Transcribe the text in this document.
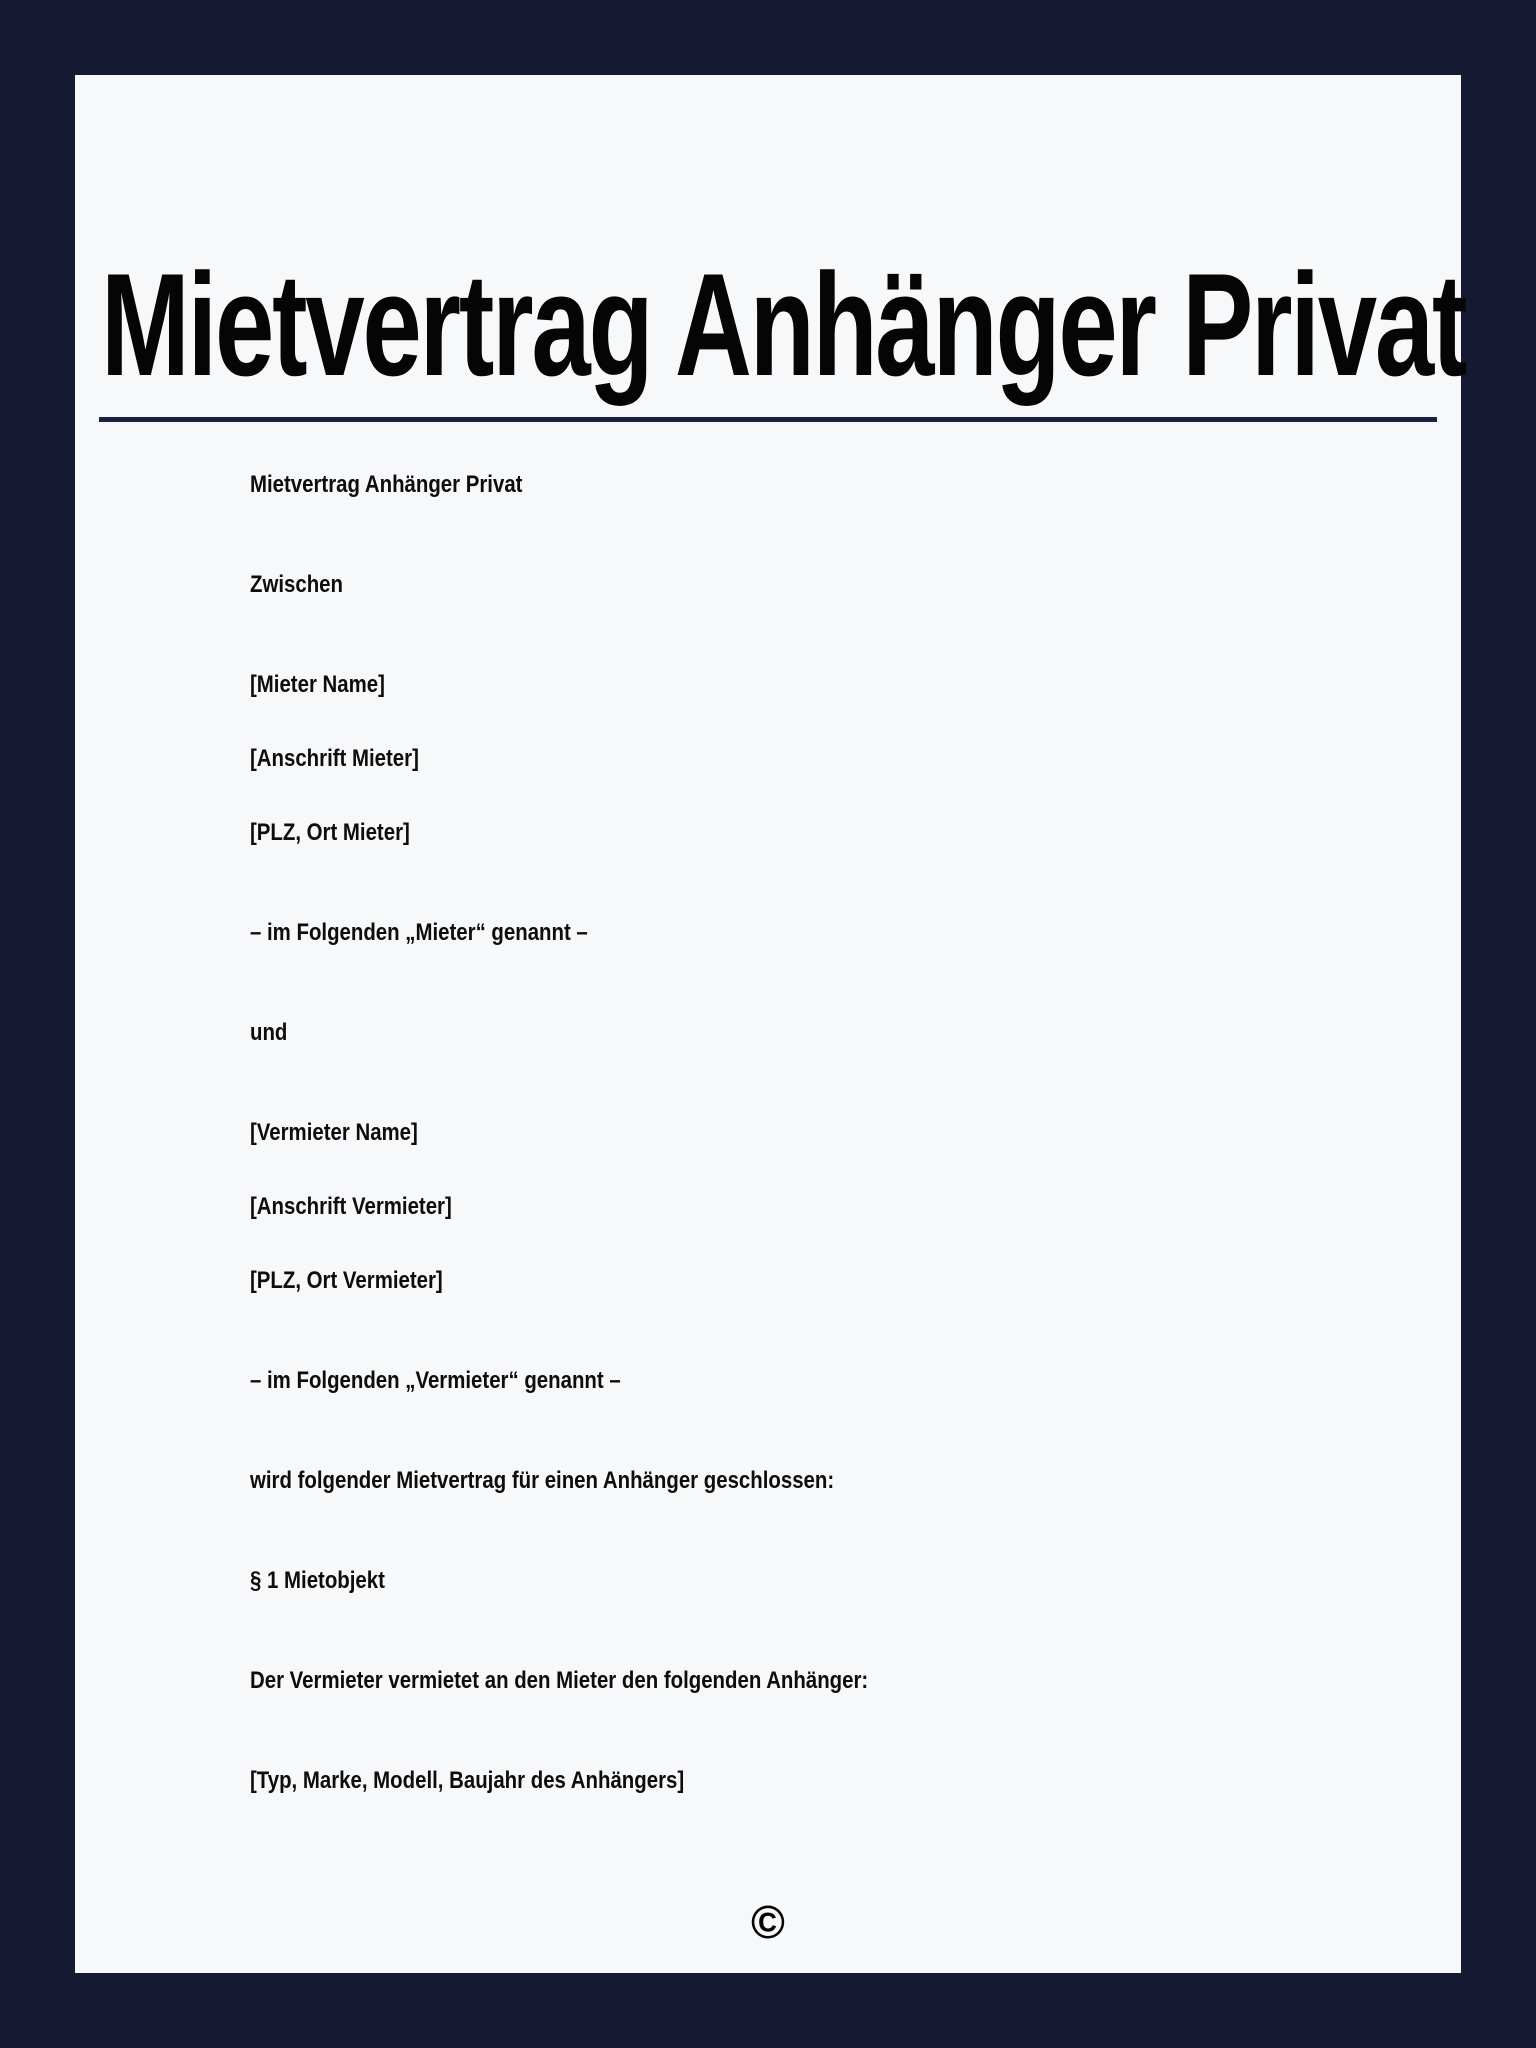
Mietvertrag Anhänger Privat

Mietvertrag Anhänger Privat

Zwischen

[Mieter Name]

[Anschrift Mieter]

[PLZ, Ort Mieter]

– im Folgenden „Mieter“ genannt –

und

[Vermieter Name]

[Anschrift Vermieter]

[PLZ, Ort Vermieter]

– im Folgenden „Vermieter“ genannt –

wird folgender Mietvertrag für einen Anhänger geschlossen:

§ 1 Mietobjekt

Der Vermieter vermietet an den Mieter den folgenden Anhänger:

[Typ, Marke, Modell, Baujahr des Anhängers]

©
